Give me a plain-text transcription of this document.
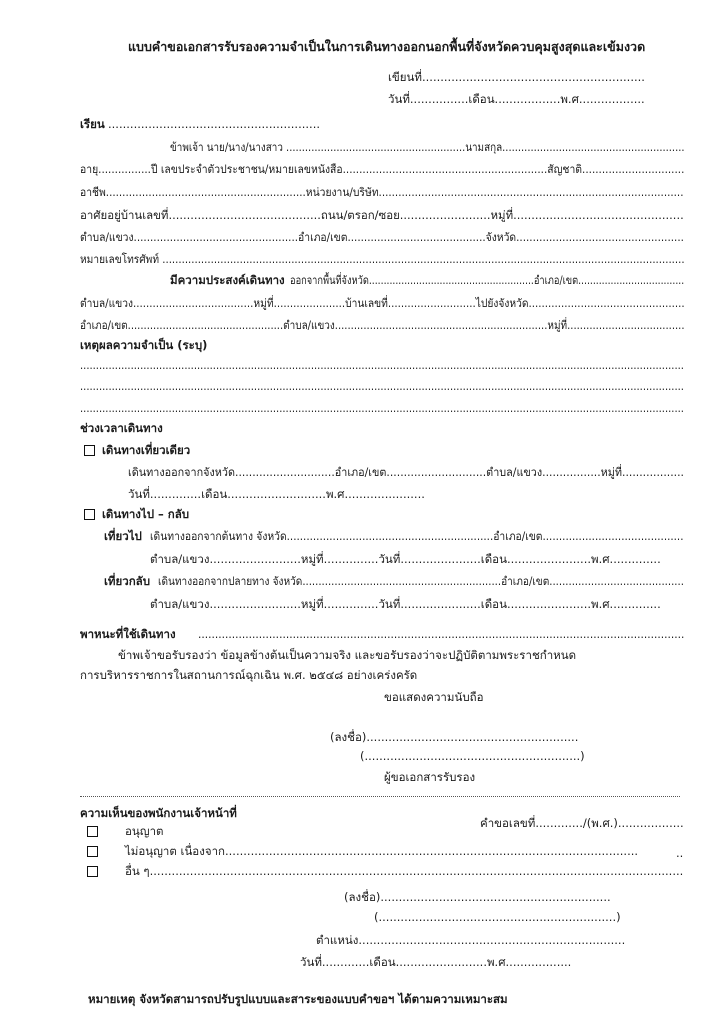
แบบคำขอเอกสารรับรองความจำเป็นในการเดินทางออกนอกพื้นที่จังหวัดควบคุมสูงสุดและเข้มงวด
เขียนที่.............................................................
วันที่................เดือน..................พ.ศ..................
เรียน ..........................................................
ข้าพเจ้า นาย/นาง/นางสาว .........................................................นามสกุล..........................................................
อายุ................ปี เลขประจำตัวประชาชน/หมายเลขหนังสือ..............................................................สัญชาติ...............................
อาชีพ.............................................................หน่วยงาน/บริษัท.............................................................................................
อาศัยอยู่บ้านเลขที่..........................................ถนน/ตรอก/ซอย.........................หมู่ที่...............................................
ตำบล/แขวง..................................................อำเภอ/เขต..........................................จังหวัด...................................................
หมายเลขโทรศัพท์ ..................................................................................................................................................................
มีความประสงค์เดินทาง ออกจากพื้นที่จังหวัด........................................................อำเภอ/เขต....................................
ตำบล/แขวง.....................................หมู่ที่......................บ้านเลขที่...........................ไปยังจังหวัด................................................
อำเภอ/เขต.................................................ตำบล/แขวง...................................................................หมู่ที่.....................................
เหตุผลความจำเป็น (ระบุ)
...............................................................................................................................................................................................
...............................................................................................................................................................................................
...............................................................................................................................................................................................
ช่วงเวลาเดินทาง
เดินทางเที่ยวเดียว
เดินทางออกจากจังหวัด.............................อำเภอ/เขต.............................ตำบล/แขวง.................หมู่ที่..................
วันที่..............เดือน...........................พ.ศ......................
เดินทางไป – กลับ
เที่ยวไป เดินทางออกจากต้นทาง จังหวัด...............................................................อำเภอ/เขต...........................................
ตำบล/แขวง.........................หมู่ที่...............วันที่......................เดือน.......................พ.ศ..............
เที่ยวกลับ เดินทางออกจากปลายทาง จังหวัด..............................................................อำเภอ/เขต..........................................
ตำบล/แขวง.........................หมู่ที่...............วันที่......................เดือน.......................พ.ศ..............
พาหนะที่ใช้เดินทาง ................................................................................................................................................
ข้าพเจ้าขอรับรองว่า ข้อมูลข้างต้นเป็นความจริง และขอรับรองว่าจะปฏิบัติตามพระราชกำหนด
การบริหารราชการในสถานการณ์ฉุกเฉิน พ.ศ. ๒๕๔๘ อย่างเคร่งครัด
ขอแสดงความนับถือ
(ลงชื่อ)..........................................................
(...........................................................)
ผู้ขอเอกสารรับรอง
ความเห็นของพนักงานเจ้าหน้าที่
คำขอเลขที่............./(พ.ศ.)..................
อนุญาต
ไม่อนุญาต เนื่องจาก.................................................................................................................	..
อื่น ๆ..................................................................................................................................................
(ลงชื่อ)...............................................................
(.................................................................)
ตำแหน่ง.........................................................................
วันที่.............เดือน.........................พ.ศ..................
หมายเหตุ จังหวัดสามารถปรับรูปแบบและสาระของแบบคำขอฯ ได้ตามความเหมาะสม
